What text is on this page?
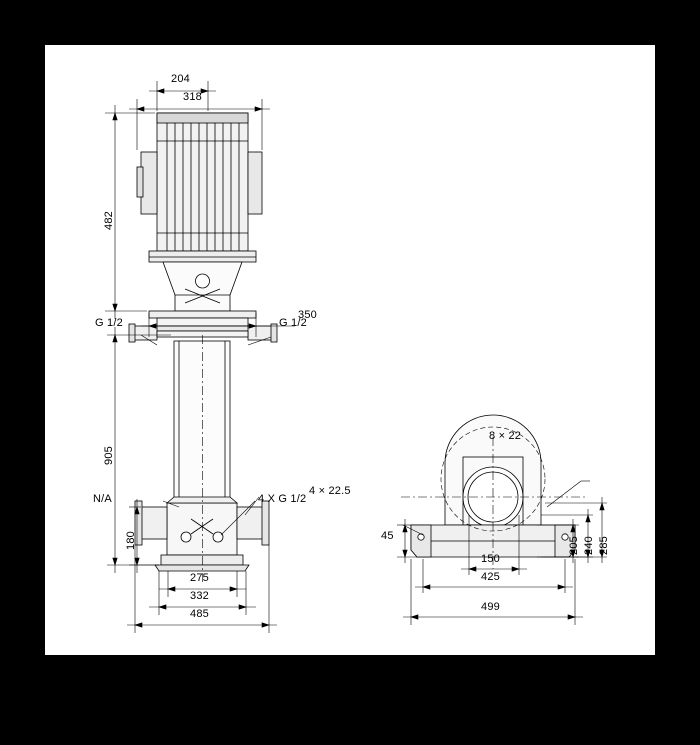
204
318
482
350
905
180
275
332
485
G 1/2	G 1/2
N/A	4 X G 1/2
8 × 22
4 × 22.5
45
205 240 285
150
425
499
